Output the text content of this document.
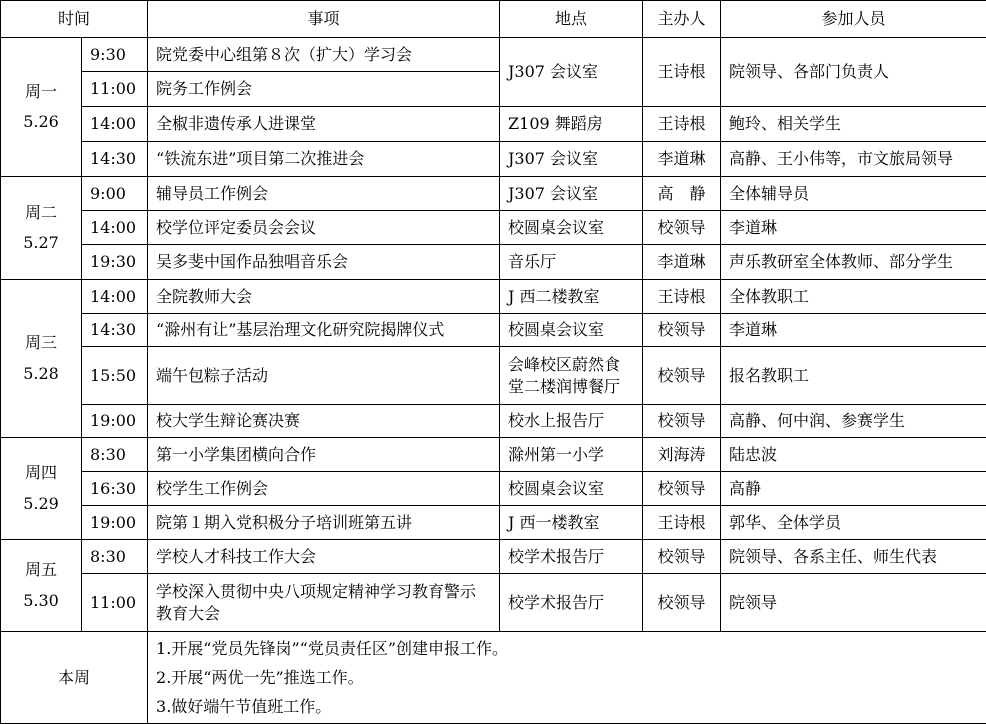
时间		事项	地点	主办人	参加人员

周一
5.26	9:30	院党委中心组第８次（扩大）学习会	J307 会议室	王诗根	院领导、各部门负责人
	11:00	院务工作例会			
	14:00	全椒非遗传承人进课堂	Z109 舞蹈房	王诗根	鲍玲、相关学生
	14:30	“铁流东进”项目第二次推进会	J307 会议室	李道琳	高静、王小伟等，市文旅局领导

周二
5.27	9:00	辅导员工作例会	J307 会议室	高　静	全体辅导员
	14:00	校学位评定委员会会议	校圆桌会议室	校领导	李道琳
	19:30	吴多斐中国作品独唱音乐会	音乐厅	李道琳	声乐教研室全体教师、部分学生

周三
5.28	14:00	全院教师大会	J 西二楼教室	王诗根	全体教职工
	14:30	“滁州有让”基层治理文化研究院揭牌仪式	校圆桌会议室	校领导	李道琳
	15:50	端午包粽子活动	会峰校区蔚然食堂二楼润博餐厅	校领导	报名教职工
	19:00	校大学生辩论赛决赛	校水上报告厅	校领导	高静、何中润、参赛学生

周四
5.29	8:30	第一小学集团横向合作	滁州第一小学	刘海涛	陆忠波
	16:30	校学生工作例会	校圆桌会议室	校领导	高静
	19:00	院第１期入党积极分子培训班第五讲	J 西一楼教室	王诗根	郭华、全体学员

周五
5.30	8:30	学校人才科技工作大会	校学术报告厅	校领导	院领导、各系主任、师生代表
	11:00	学校深入贯彻中央八项规定精神学习教育警示教育大会	校学术报告厅	校领导	院领导
本周		1.开展“党员先锋岗”“党员责任区”创建申报工作。
2.开展“两优一先”推选工作。
3.做好端午节值班工作。			
